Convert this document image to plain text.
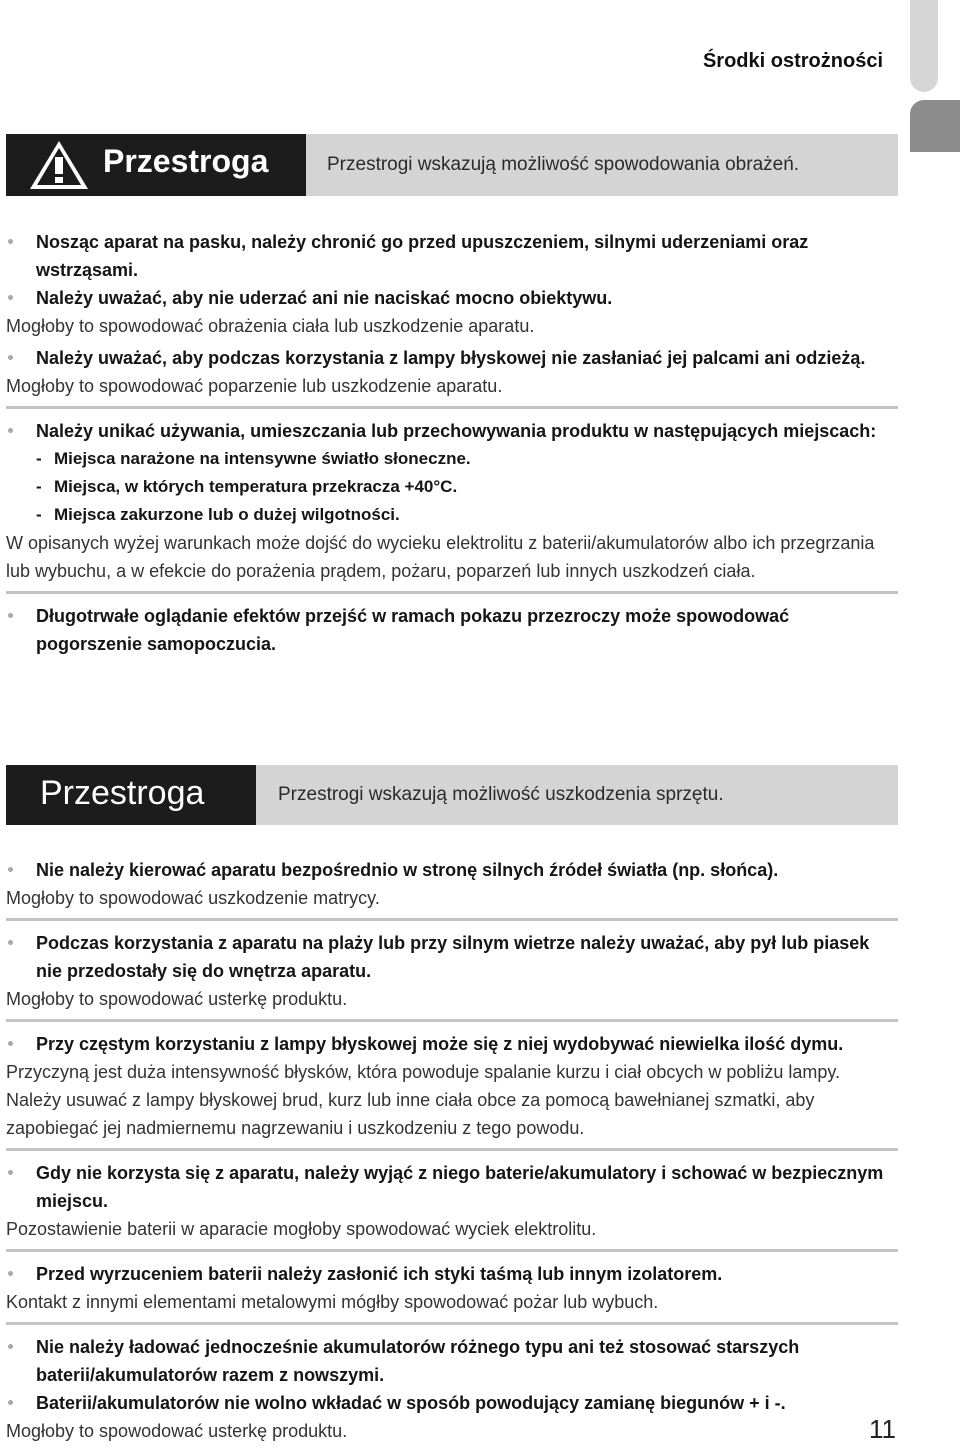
Środki ostrożności
Przestroga	Przestrogi wskazują możliwość spowodowania obrażeń.
Nosząc aparat na pasku, należy chronić go przed upuszczeniem, silnymi uderzeniami oraz wstrząsami.
Należy uważać, aby nie uderzać ani nie naciskać mocno obiektywu.
Mogłoby to spowodować obrażenia ciała lub uszkodzenie aparatu.
Należy uważać, aby podczas korzystania z lampy błyskowej nie zasłaniać jej palcami ani odzieżą.
Mogłoby to spowodować poparzenie lub uszkodzenie aparatu.
Należy unikać używania, umieszczania lub przechowywania produktu w następujących miejscach:
- Miejsca narażone na intensywne światło słoneczne.
- Miejsca, w których temperatura przekracza +40°C.
- Miejsca zakurzone lub o dużej wilgotności.
W opisanych wyżej warunkach może dojść do wycieku elektrolitu z baterii/akumulatorów albo ich przegrzania lub wybuchu, a w efekcie do porażenia prądem, pożaru, poparzeń lub innych uszkodzeń ciała.
Długotrwałe oglądanie efektów przejść w ramach pokazu przezroczy może spowodować pogorszenie samopoczucia.
Przestroga	Przestrogi wskazują możliwość uszkodzenia sprzętu.
Nie należy kierować aparatu bezpośrednio w stronę silnych źródeł światła (np. słońca).
Mogłoby to spowodować uszkodzenie matrycy.
Podczas korzystania z aparatu na plaży lub przy silnym wietrze należy uważać, aby pył lub piasek nie przedostały się do wnętrza aparatu.
Mogłoby to spowodować usterkę produktu.
Przy częstym korzystaniu z lampy błyskowej może się z niej wydobywać niewielka ilość dymu.
Przyczyną jest duża intensywność błysków, która powoduje spalanie kurzu i ciał obcych w pobliżu lampy.
Należy usuwać z lampy błyskowej brud, kurz lub inne ciała obce za pomocą bawełnianej szmatki, aby zapobiegać jej nadmiernemu nagrzewaniu i uszkodzeniu z tego powodu.
Gdy nie korzysta się z aparatu, należy wyjąć z niego baterie/akumulatory i schować w bezpiecznym miejscu.
Pozostawienie baterii w aparacie mogłoby spowodować wyciek elektrolitu.
Przed wyrzuceniem baterii należy zasłonić ich styki taśmą lub innym izolatorem.
Kontakt z innymi elementami metalowymi mógłby spowodować pożar lub wybuch.
Nie należy ładować jednocześnie akumulatorów różnego typu ani też stosować starszych baterii/akumulatorów razem z nowszymi.
Baterii/akumulatorów nie wolno wkładać w sposób powodujący zamianę biegunów + i -.
Mogłoby to spowodować usterkę produktu.	11
